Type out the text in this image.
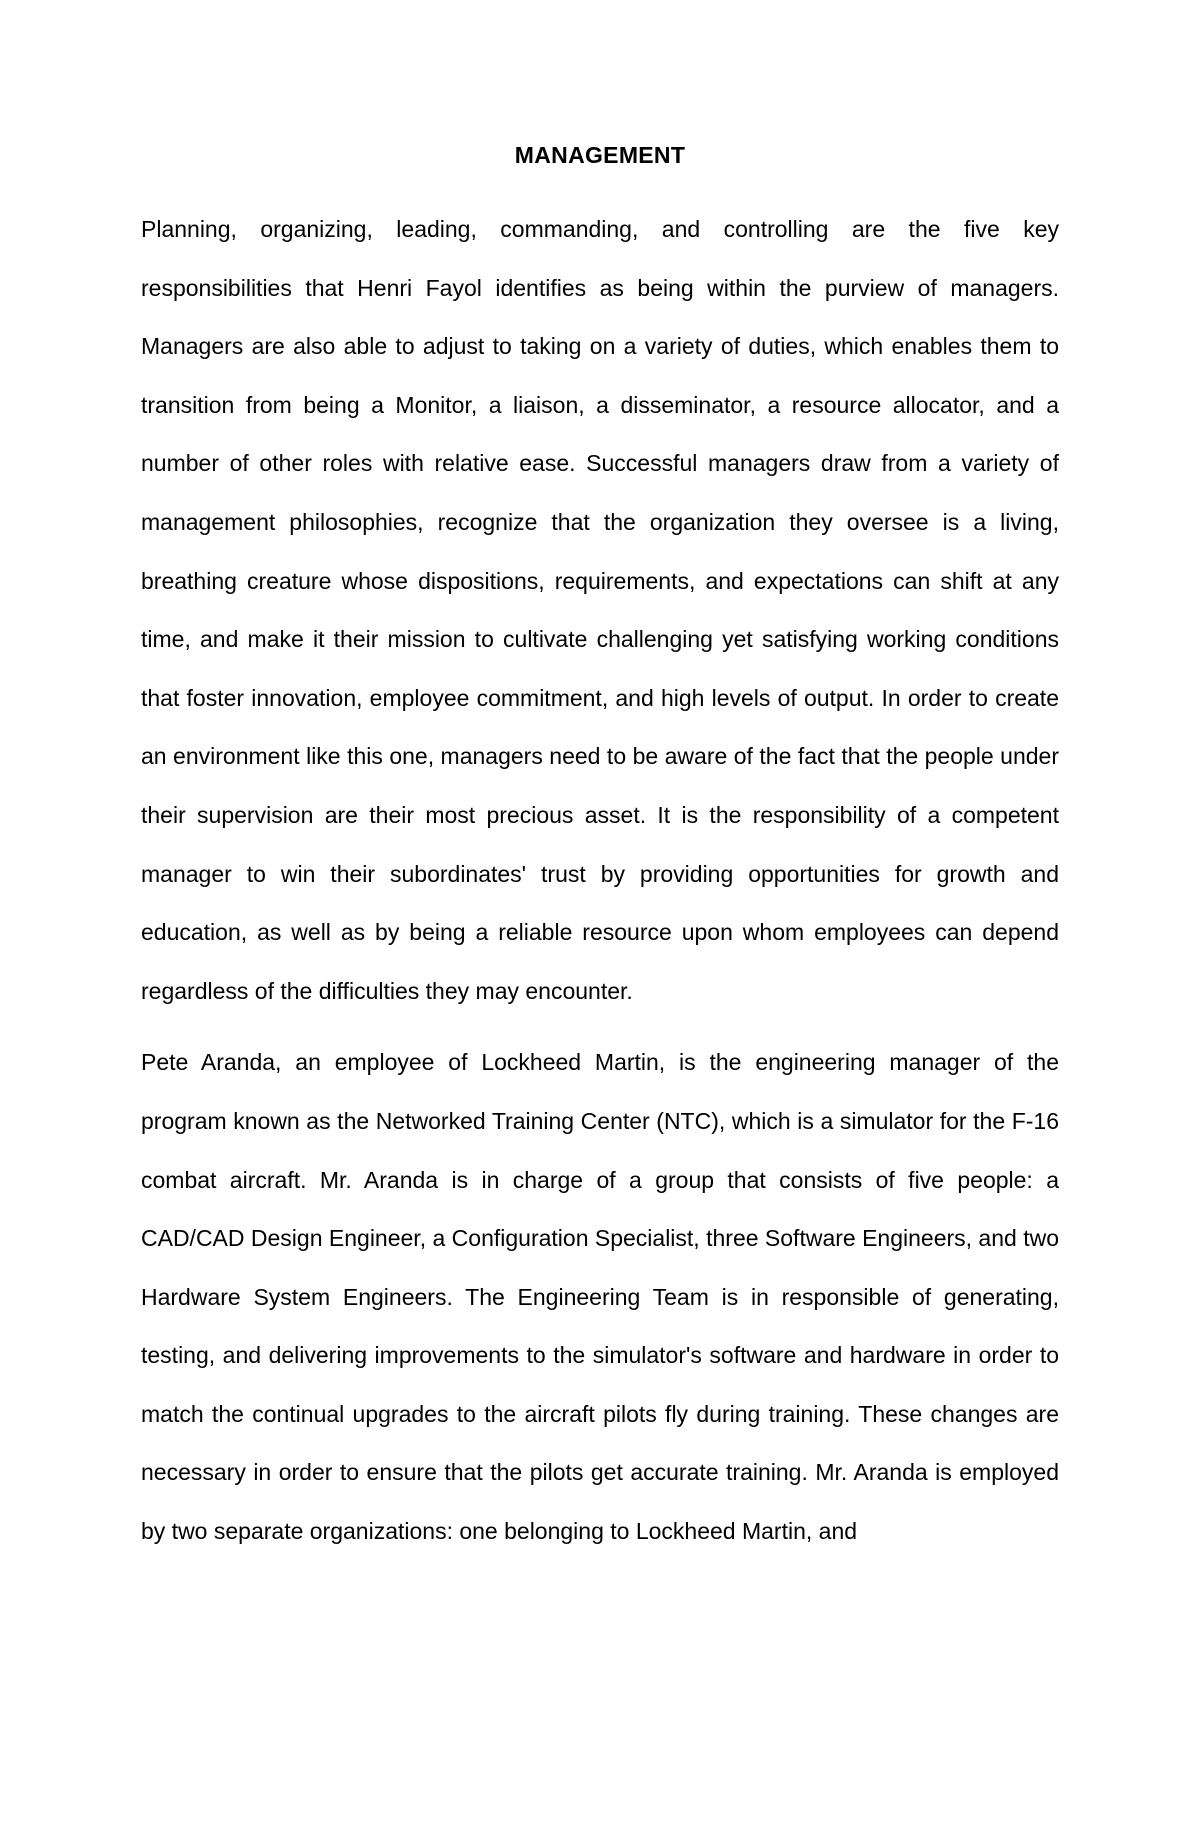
MANAGEMENT

Planning, organizing, leading, commanding, and controlling are the five key responsibilities that Henri Fayol identifies as being within the purview of managers. Managers are also able to adjust to taking on a variety of duties, which enables them to transition from being a Monitor, a liaison, a disseminator, a resource allocator, and a number of other roles with relative ease. Successful managers draw from a variety of management philosophies, recognize that the organization they oversee is a living, breathing creature whose dispositions, requirements, and expectations can shift at any time, and make it their mission to cultivate challenging yet satisfying working conditions that foster innovation, employee commitment, and high levels of output. In order to create an environment like this one, managers need to be aware of the fact that the people under their supervision are their most precious asset. It is the responsibility of a competent manager to win their subordinates' trust by providing opportunities for growth and education, as well as by being a reliable resource upon whom employees can depend regardless of the difficulties they may encounter.

Pete Aranda, an employee of Lockheed Martin, is the engineering manager of the program known as the Networked Training Center (NTC), which is a simulator for the F-16 combat aircraft. Mr. Aranda is in charge of a group that consists of five people: a CAD/CAD Design Engineer, a Configuration Specialist, three Software Engineers, and two Hardware System Engineers. The Engineering Team is in responsible of generating, testing, and delivering improvements to the simulator's software and hardware in order to match the continual upgrades to the aircraft pilots fly during training. These changes are necessary in order to ensure that the pilots get accurate training. Mr. Aranda is employed by two separate organizations: one belonging to Lockheed Martin, and
